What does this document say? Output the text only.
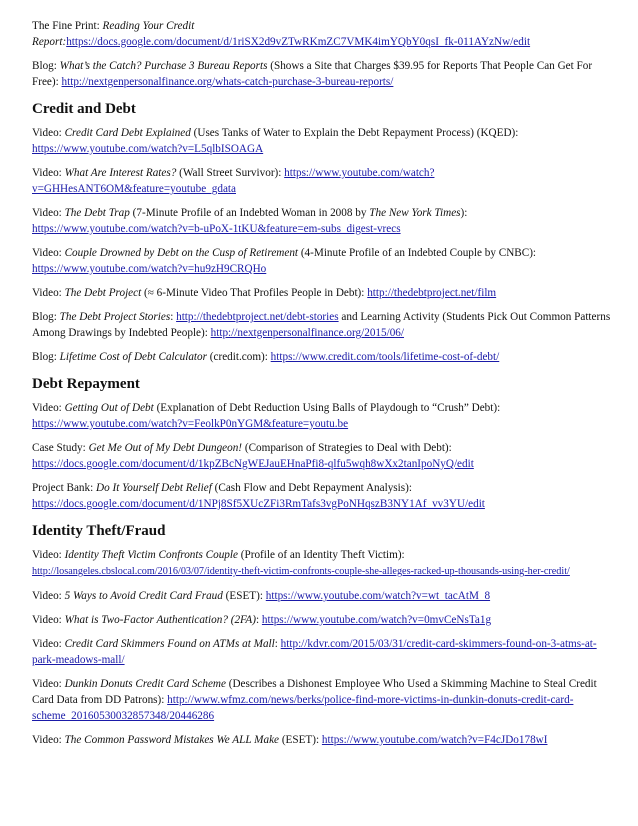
The Fine Print: Reading Your Credit Report:https://docs.google.com/document/d/1riSX2d9vZTwRKmZC7VMK4imYQbY0qsI_fk-011AYzNw/edit
Blog: What’s the Catch? Purchase 3 Bureau Reports (Shows a Site that Charges $39.95 for Reports That People Can Get For Free): http://nextgenpersonalfinance.org/whats-catch-purchase-3-bureau-reports/
Credit and Debt
Video: Credit Card Debt Explained (Uses Tanks of Water to Explain the Debt Repayment Process) (KQED): https://www.youtube.com/watch?v=L5qlbISOAGA
Video: What Are Interest Rates? (Wall Street Survivor): https://www.youtube.com/watch?v=GHHesANT6OM&feature=youtube_gdata
Video: The Debt Trap (7-Minute Profile of an Indebted Woman in 2008 by The New York Times): https://www.youtube.com/watch?v=b-uPoX-1tKU&feature=em-subs_digest-vrecs
Video: Couple Drowned by Debt on the Cusp of Retirement (4-Minute Profile of an Indebted Couple by CNBC): https://www.youtube.com/watch?v=hu9zH9CRQHo
Video: The Debt Project (≈ 6-Minute Video That Profiles People in Debt): http://thedebtproject.net/film
Blog: The Debt Project Stories: http://thedebtproject.net/debt-stories and Learning Activity (Students Pick Out Common Patterns Among Drawings by Indebted People): http://nextgenpersonalfinance.org/2015/06/
Blog: Lifetime Cost of Debt Calculator (credit.com): https://www.credit.com/tools/lifetime-cost-of-debt/
Debt Repayment
Video: Getting Out of Debt (Explanation of Debt Reduction Using Balls of Playdough to “Crush” Debt): https://www.youtube.com/watch?v=FeolkP0nYGM&feature=youtu.be
Case Study: Get Me Out of My Debt Dungeon! (Comparison of Strategies to Deal with Debt): https://docs.google.com/document/d/1kpZBcNgWEJauEHnaPfi8-qlfu5wqh8wXx2tanIpoNyQ/edit
Project Bank: Do It Yourself Debt Relief (Cash Flow and Debt Repayment Analysis): https://docs.google.com/document/d/1NPj8Sf5XUcZFi3RmTafs3vgPoNHqszB3NY1Af_vv3YU/edit
Identity Theft/Fraud
Video: Identity Theft Victim Confronts Couple (Profile of an Identity Theft Victim): http://losangeles.cbslocal.com/2016/03/07/identity-theft-victim-confronts-couple-she-alleges-racked-up-thousands-using-her-credit/
Video: 5 Ways to Avoid Credit Card Fraud (ESET): https://www.youtube.com/watch?v=wt_tacAtM_8
Video: What is Two-Factor Authentication? (2FA): https://www.youtube.com/watch?v=0mvCeNsTa1g
Video: Credit Card Skimmers Found on ATMs at Mall: http://kdvr.com/2015/03/31/credit-card-skimmers-found-on-3-atms-at-park-meadows-mall/
Video: Dunkin Donuts Credit Card Scheme (Describes a Dishonest Employee Who Used a Skimming Machine to Steal Credit Card Data from DD Patrons): http://www.wfmz.com/news/berks/police-find-more-victims-in-dunkin-donuts-credit-card-scheme_20160530032857348/20446286
Video: The Common Password Mistakes We ALL Make (ESET): https://www.youtube.com/watch?v=F4cJDo178wI
